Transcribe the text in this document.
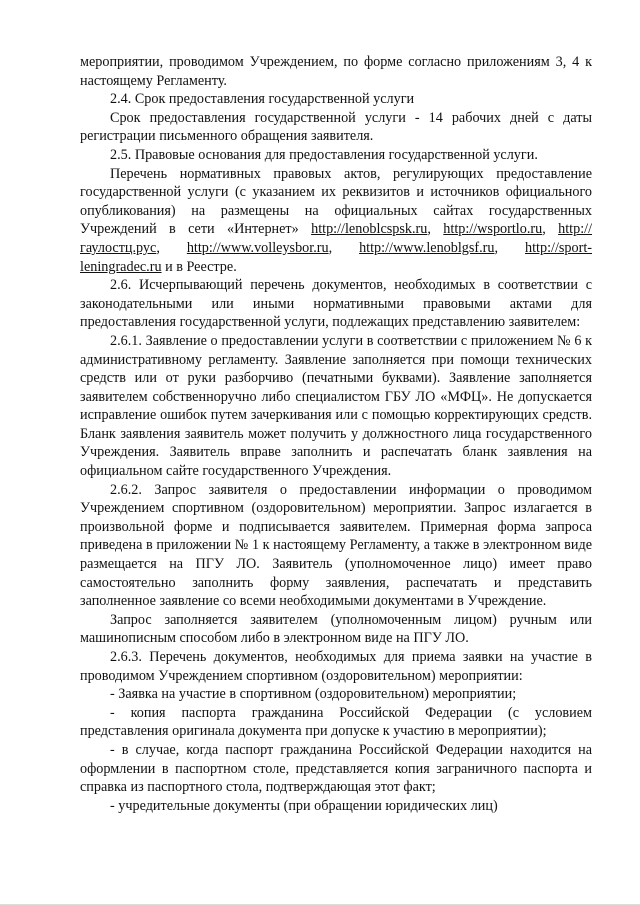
мероприятии, проводимом Учреждением, по форме согласно приложениям 3, 4 к настоящему Регламенту.

2.4. Срок предоставления государственной услуги

Срок предоставления государственной услуги - 14 рабочих дней с даты регистрации письменного обращения заявителя.

2.5. Правовые основания для предоставления государственной услуги.

Перечень нормативных правовых актов, регулирующих предоставление государственной услуги (с указанием их реквизитов и источников официального опубликования) на размещены на официальных сайтах государственных Учреждений в сети «Интернет» http://lenoblcspsk.ru, http://wsportlo.ru, http://гаулостц.рус, http://www.volleysbor.ru, http://www.lenoblgsf.ru, http://sport-leningradec.ru и в Реестре.

2.6. Исчерпывающий перечень документов, необходимых в соответствии с законодательными или иными нормативными правовыми актами для предоставления государственной услуги, подлежащих представлению заявителем:

2.6.1. Заявление о предоставлении услуги в соответствии с приложением № 6 к административному регламенту. Заявление заполняется при помощи технических средств или от руки разборчиво (печатными буквами). Заявление заполняется заявителем собственноручно либо специалистом ГБУ ЛО «МФЦ». Не допускается исправление ошибок путем зачеркивания или с помощью корректирующих средств. Бланк заявления заявитель может получить у должностного лица государственного Учреждения. Заявитель вправе заполнить и распечатать бланк заявления на официальном сайте государственного Учреждения.

2.6.2. Запрос заявителя о предоставлении информации о проводимом Учреждением спортивном (оздоровительном) мероприятии. Запрос излагается в произвольной форме и подписывается заявителем. Примерная форма запроса приведена в приложении № 1 к настоящему Регламенту, а также в электронном виде размещается на ПГУ ЛО. Заявитель (уполномоченное лицо) имеет право самостоятельно заполнить форму заявления, распечатать и представить заполненное заявление со всеми необходимыми документами в Учреждение.

Запрос заполняется заявителем (уполномоченным лицом) ручным или машинописным способом либо в электронном виде на ПГУ ЛО.

2.6.3. Перечень документов, необходимых для приема заявки на участие в проводимом Учреждением спортивном (оздоровительном) мероприятии:

- Заявка на участие в спортивном (оздоровительном) мероприятии;

- копия паспорта гражданина Российской Федерации (с условием представления оригинала документа при допуске к участию в мероприятии);

- в случае, когда паспорт гражданина Российской Федерации находится на оформлении в паспортном столе, представляется копия заграничного паспорта и справка из паспортного стола, подтверждающая этот факт;

- учредительные документы (при обращении юридических лиц)
